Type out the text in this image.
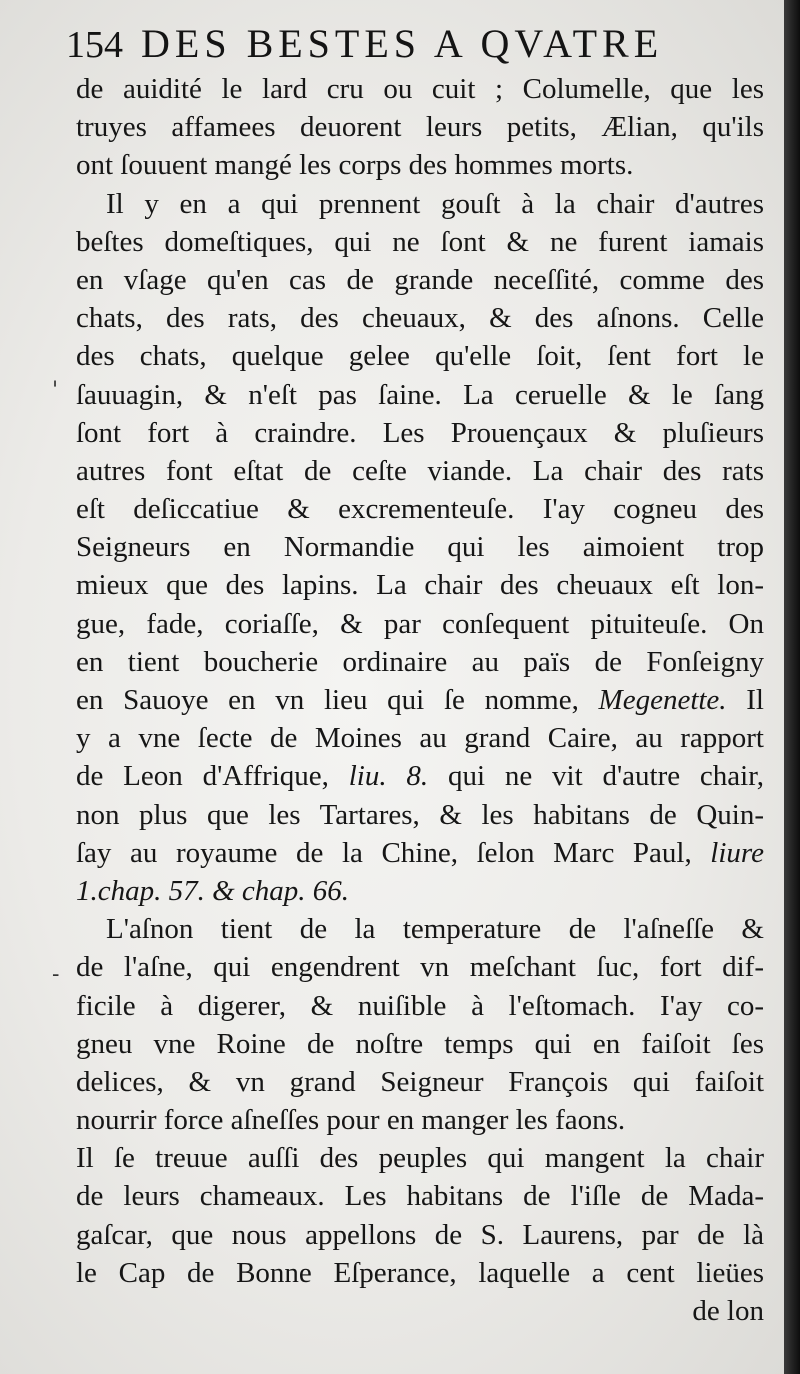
154 DES BESTES A QVATRE
de auidité le lard cru ou cuit ; Columelle, que les
truyes affamees deuorent leurs petits, Ælian, qu'ils
ont ſouuent mangé les corps des hommes morts.
Il y en a qui prennent gouſt à la chair d'autres
beſtes domeſtiques, qui ne ſont & ne furent iamais
en vſage qu'en cas de grande neceſſité, comme des
chats, des rats, des cheuaux, & des aſnons. Celle
des chats, quelque gelee qu'elle ſoit, ſent fort le
ſauuagin, & n'eſt pas ſaine. La ceruelle & le ſang
ſont fort à craindre. Les Prouençaux & pluſieurs
autres font eſtat de ceſte viande. La chair des rats
eſt deſiccatiue & excrementeuſe. I'ay cogneu des
Seigneurs en Normandie qui les aimoient trop
mieux que des lapins. La chair des cheuaux eſt lon-
gue, fade, coriaſſe, & par conſequent pituiteuſe. On
en tient boucherie ordinaire au païs de Fonſeigny
en Sauoye en vn lieu qui ſe nomme, Megenette. Il
y a vne ſecte de Moines au grand Caire, au rapport
de Leon d'Affrique, liu. 8. qui ne vit d'autre chair,
non plus que les Tartares, & les habitans de Quin-
ſay au royaume de la Chine, ſelon Marc Paul, liure
1.chap. 57. & chap. 66.
L'aſnon tient de la temperature de l'aſneſſe &
de l'aſne, qui engendrent vn meſchant ſuc, fort dif-
ficile à digerer, & nuiſible à l'eſtomach. I'ay co-
gneu vne Roine de noſtre temps qui en faiſoit ſes
delices, & vn grand Seigneur François qui faiſoit
nourrir force aſneſſes pour en manger les faons.
Il ſe treuue auſſi des peuples qui mangent la chair
de leurs chameaux. Les habitans de l'iſle de Mada-
gaſcar, que nous appellons de S. Laurens, par de là
le Cap de Bonne Eſperance, laquelle a cent lieües
de lon
'
-
